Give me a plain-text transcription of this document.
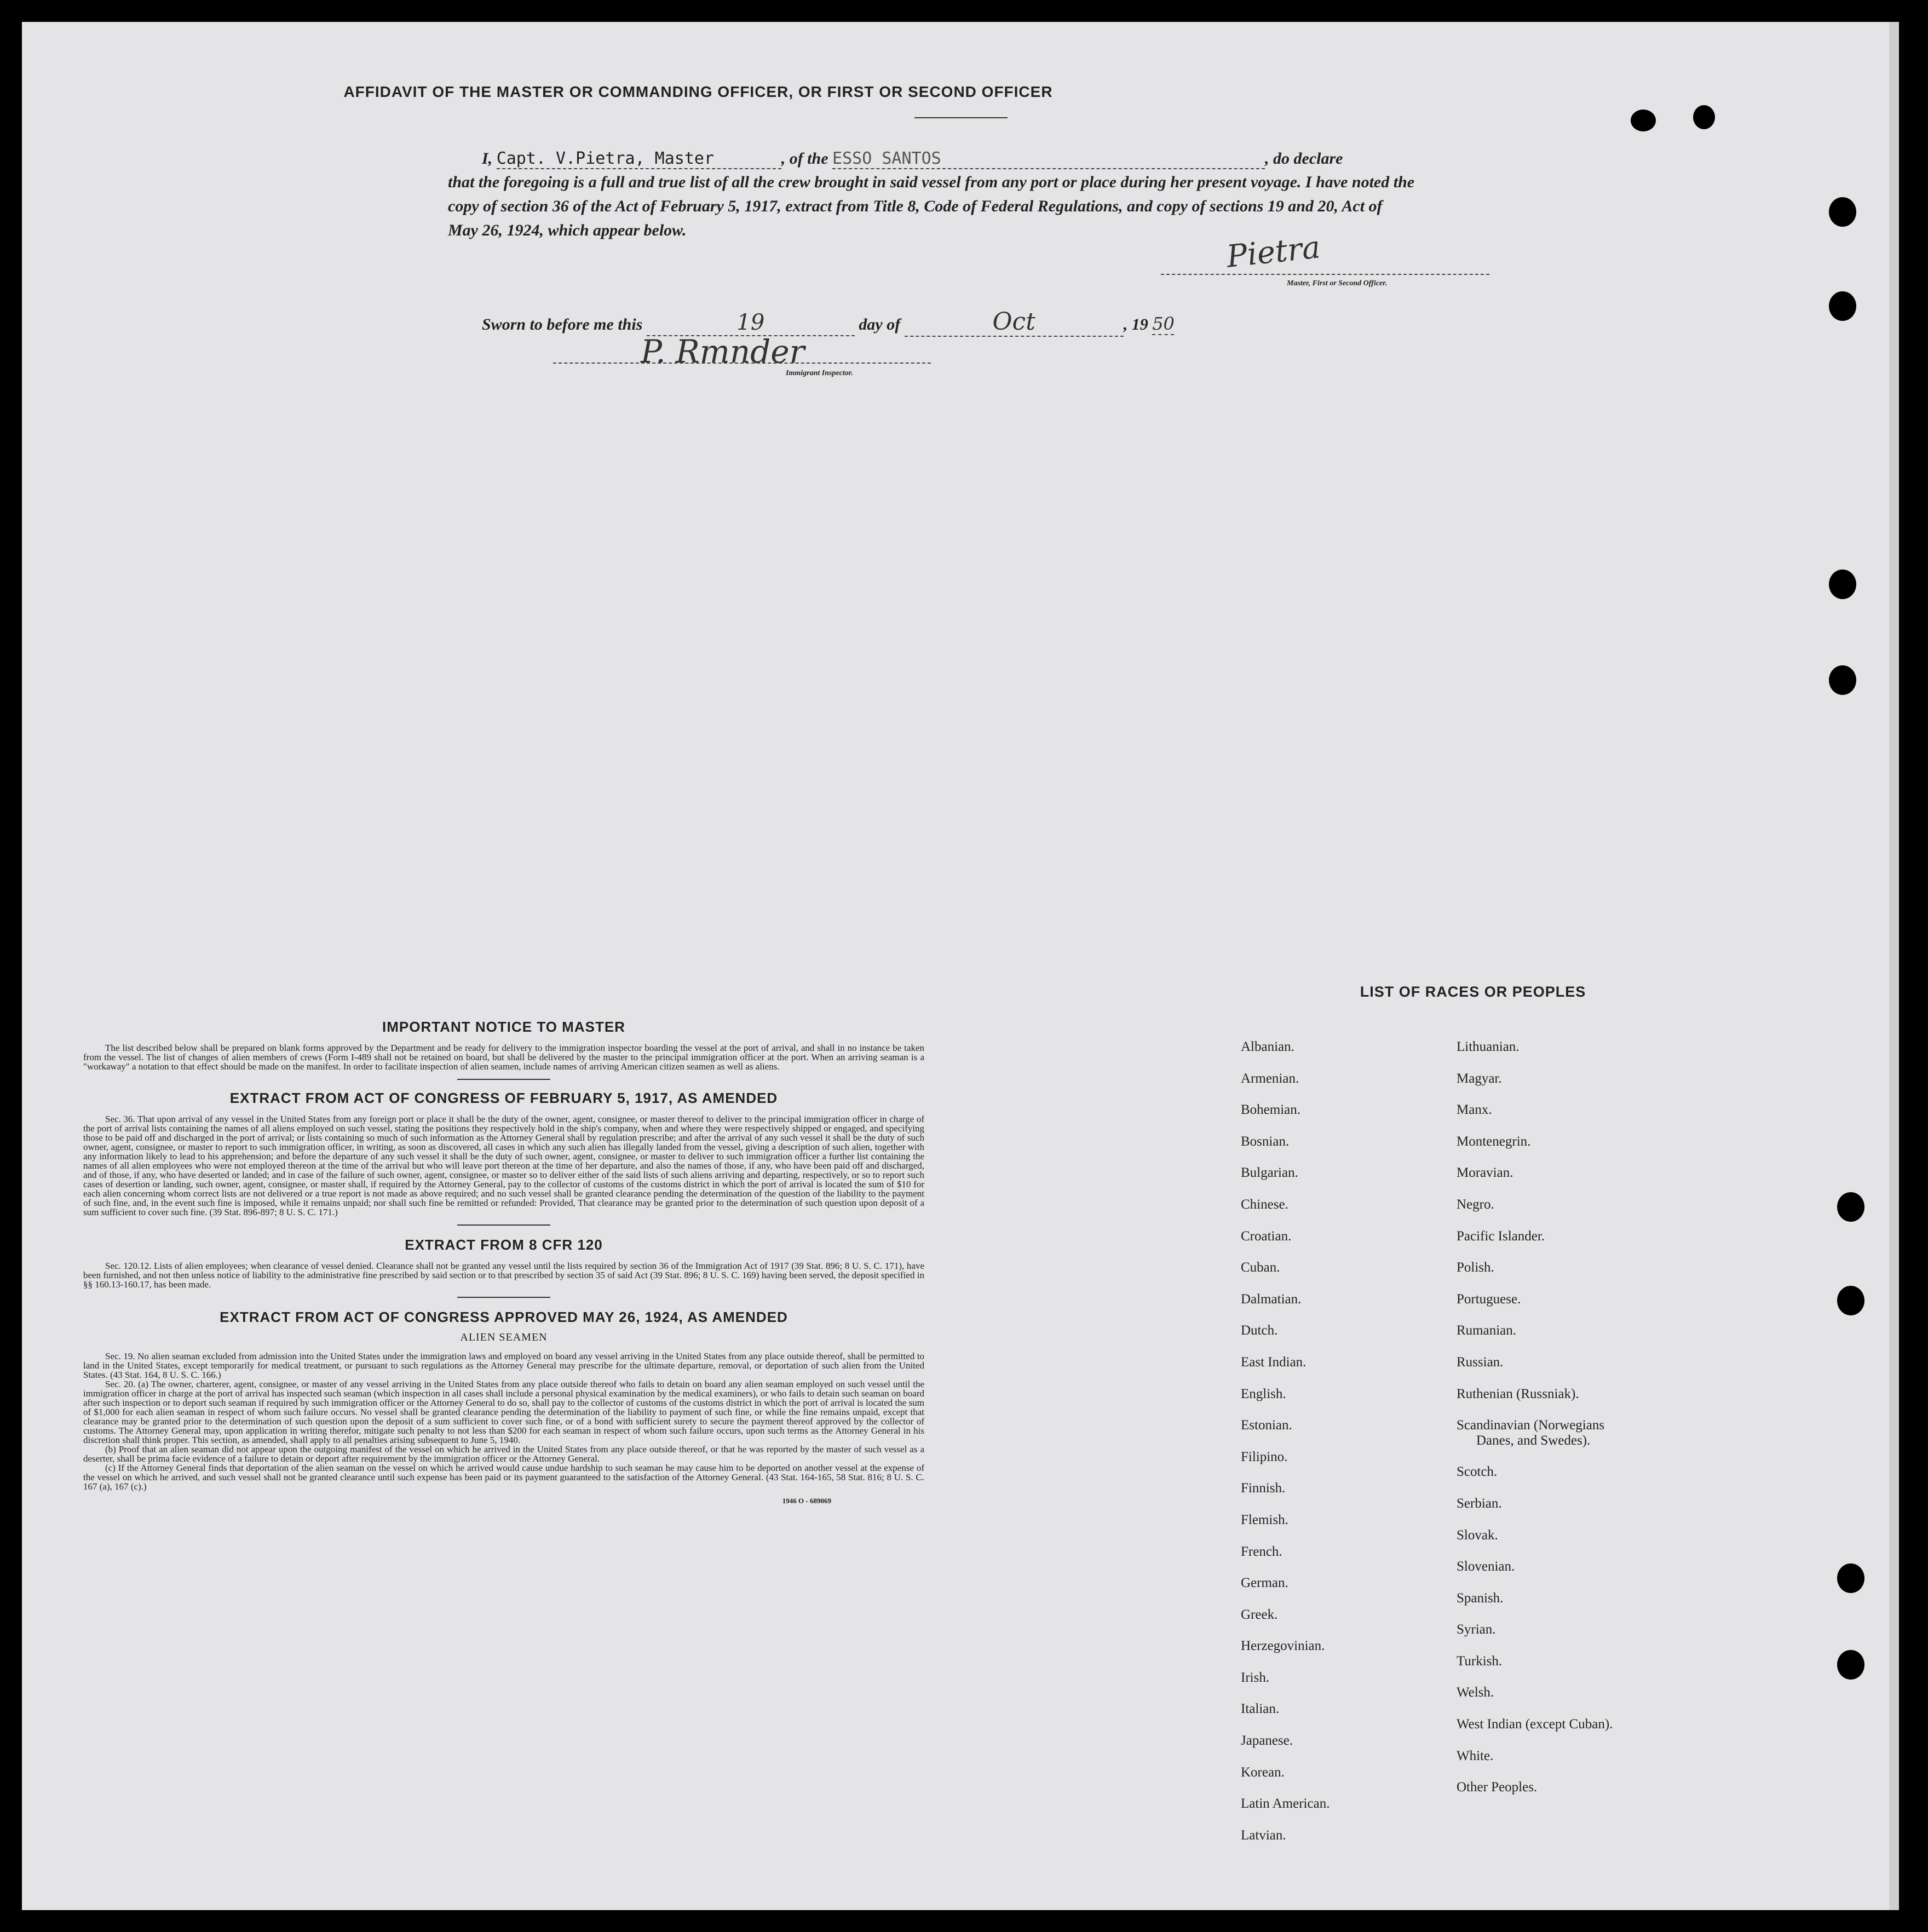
AFFIDAVIT OF THE MASTER OR COMMANDING OFFICER, OR FIRST OR SECOND OFFICER
I, Capt. V.Pietra, Master	, of the ESSO SANTOS	, do declare
that the foregoing is a full and true list of all the crew brought in said vessel from any port or place during her present voyage. I have noted the
copy of section 36 of the Act of February 5, 1917, extract from Title 8, Code of Federal Regulations, and copy of sections 19 and 20, Act of
May 26, 1924, which appear below.	Pietra
Master, First or Second Officer.
Sworn to before me this	19	day of	Oct	, 19 50
P. Rmnder
Immigrant Inspector.
IMPORTANT NOTICE TO MASTER

The list described below shall be prepared on blank forms approved by the Department and be ready for delivery to the immigration inspector boarding the vessel at the port of arrival, and shall in no instance be taken from the vessel. The list of changes of alien members of crews (Form I-489 shall not be retained on board, but shall be delivered by the master to the principal immigration officer at the port. When an arriving seaman is a "workaway" a notation to that effect should be made on the manifest. In order to facilitate inspection of alien seamen, include names of arriving American citizen seamen as well as aliens.

EXTRACT FROM ACT OF CONGRESS OF FEBRUARY 5, 1917, AS AMENDED

Sec. 36. That upon arrival of any vessel in the United States from any foreign port or place it shall be the duty of the owner, agent, consignee, or master thereof to deliver to the principal immigration officer in charge of the port of arrival lists containing the names of all aliens employed on such vessel, stating the positions they respectively hold in the ship's company, when and where they were respectively shipped or engaged, and specifying those to be paid off and discharged in the port of arrival; or lists containing so much of such information as the Attorney General shall by regulation prescribe; and after the arrival of any such vessel it shall be the duty of such owner, agent, consignee, or master to report to such immigration officer, in writing, as soon as discovered, all cases in which any such alien has illegally landed from the vessel, giving a description of such alien, together with any information likely to lead to his apprehension; and before the departure of any such vessel it shall be the duty of such owner, agent, consignee, or master to deliver to such immigration officer a further list containing the names of all alien employees who were not employed thereon at the time of the arrival but who will leave port thereon at the time of her departure, and also the names of those, if any, who have been paid off and discharged, and of those, if any, who have deserted or landed; and in case of the failure of such owner, agent, consignee, or master so to deliver either of the said lists of such aliens arriving and departing, respectively, or so to report such cases of desertion or landing, such owner, agent, consignee, or master shall, if required by the Attorney General, pay to the collector of customs of the customs district in which the port of arrival is located the sum of $10 for each alien concerning whom correct lists are not delivered or a true report is not made as above required; and no such vessel shall be granted clearance pending the determination of the question of the liability to the payment of such fine, and, in the event such fine is imposed, while it remains unpaid; nor shall such fine be remitted or refunded: Provided, That clearance may be granted prior to the determination of such question upon deposit of a sum sufficient to cover such fine. (39 Stat. 896-897; 8 U. S. C. 171.)

EXTRACT FROM 8 CFR 120

Sec. 120.12. Lists of alien employees; when clearance of vessel denied. Clearance shall not be granted any vessel until the lists required by section 36 of the Immigration Act of 1917 (39 Stat. 896; 8 U. S. C. 171), have been furnished, and not then unless notice of liability to the administrative fine prescribed by said section or to that prescribed by section 35 of said Act (39 Stat. 896; 8 U. S. C. 169) having been served, the deposit specified in §§ 160.13-160.17, has been made.

EXTRACT FROM ACT OF CONGRESS APPROVED MAY 26, 1924, AS AMENDED
ALIEN SEAMEN

Sec. 19. No alien seaman excluded from admission into the United States under the immigration laws and employed on board any vessel arriving in the United States from any place outside thereof, shall be permitted to land in the United States, except temporarily for medical treatment, or pursuant to such regulations as the Attorney General may prescribe for the ultimate departure, removal, or deportation of such alien from the United States. (43 Stat. 164, 8 U. S. C. 166.)

Sec. 20. (a) The owner, charterer, agent, consignee, or master of any vessel arriving in the United States from any place outside thereof who fails to detain on board any alien seaman employed on such vessel until the immigration officer in charge at the port of arrival has inspected such seaman (which inspection in all cases shall include a personal physical examination by the medical examiners), or who fails to detain such seaman on board after such inspection or to deport such seaman if required by such immigration officer or the Attorney General to do so, shall pay to the collector of customs of the customs district in which the port of arrival is located the sum of $1,000 for each alien seaman in respect of whom such failure occurs. No vessel shall be granted clearance pending the determination of the liability to payment of such fine, or while the fine remains unpaid, except that clearance may be granted prior to the determination of such question upon the deposit of a sum sufficient to cover such fine, or of a bond with sufficient surety to secure the payment thereof approved by the collector of customs. The Attorney General may, upon application in writing therefor, mitigate such penalty to not less than $200 for each seaman in respect of whom such failure occurs, upon such terms as the Attorney General in his discretion shall think proper. This section, as amended, shall apply to all penalties arising subsequent to June 5, 1940.

(b) Proof that an alien seaman did not appear upon the outgoing manifest of the vessel on which he arrived in the United States from any place outside thereof, or that he was reported by the master of such vessel as a deserter, shall be prima facie evidence of a failure to detain or deport after requirement by the immigration officer or the Attorney General.

(c) If the Attorney General finds that deportation of the alien seaman on the vessel on which he arrived would cause undue hardship to such seaman he may cause him to be deported on another vessel at the expense of the vessel on which he arrived, and such vessel shall not be granted clearance until such expense has been paid or its payment guaranteed to the satisfaction of the Attorney General. (43 Stat. 164-165, 58 Stat. 816; 8 U. S. C. 167 (a), 167 (c).)

1946 O - 689069
LIST OF RACES OR PEOPLES
Albanian.
Armenian.
Bohemian.
Bosnian.
Bulgarian.
Chinese.
Croatian.
Cuban.
Dalmatian.
Dutch.
East Indian.
English.
Estonian.
Filipino.
Finnish.
Flemish.
French.
German.
Greek.
Herzegovinian.
Irish.
Italian.
Japanese.
Korean.
Latin American.
Latvian.
Lithuanian.
Magyar.
Manx.
Montenegrin.
Moravian.
Negro.
Pacific Islander.
Polish.
Portuguese.
Rumanian.
Russian.
Ruthenian (Russniak).
Scandinavian (Norwegians
Danes, and Swedes).
Scotch.
Serbian.
Slovak.
Slovenian.
Spanish.
Syrian.
Turkish.
Welsh.
West Indian (except Cuban).
White.
Other Peoples.
